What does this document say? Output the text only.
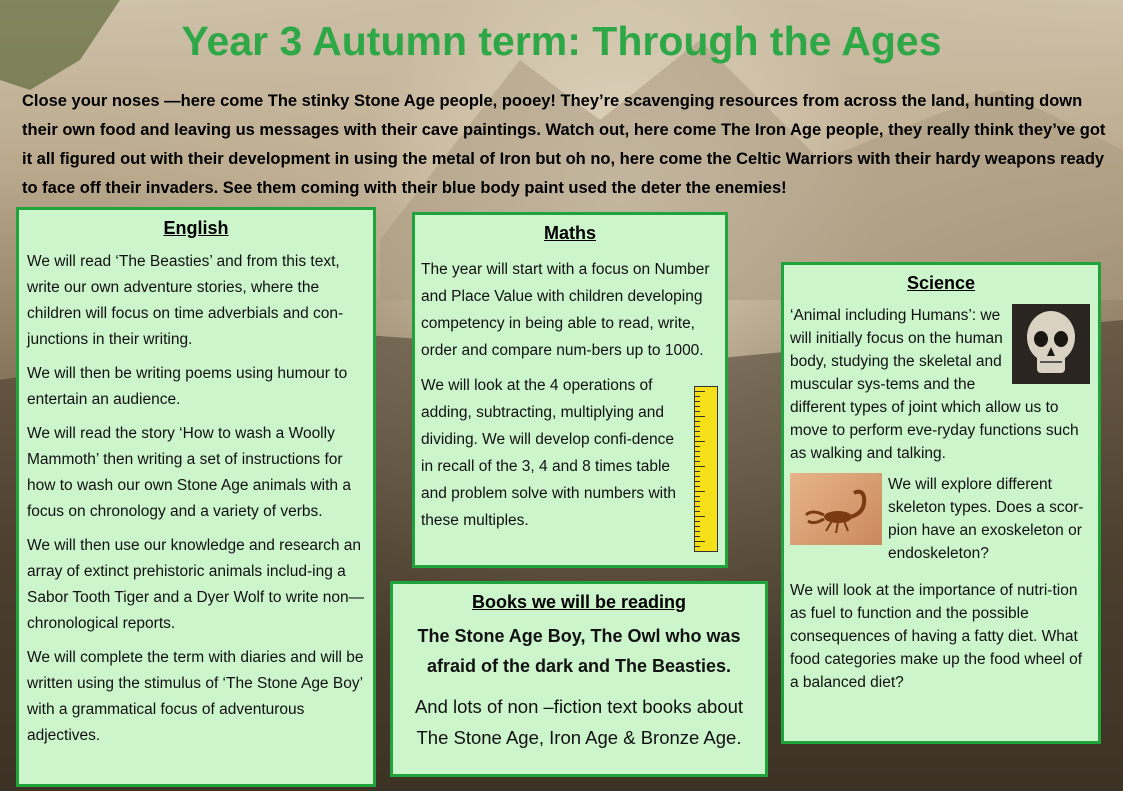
Year 3 Autumn term: Through the Ages
Close your noses —here come The stinky Stone Age people, pooey! They’re scavenging resources from across the land, hunting down their own food and leaving us messages with their cave paintings. Watch out, here come The Iron Age people, they really think they’ve got it all figured out with their development in using the metal of Iron but oh no, here come the Celtic Warriors with their hardy weapons ready to face off their invaders. See them coming with their blue body paint used the deter the enemies!
English

We will read ‘The Beasties’ and from this text, write our own adventure stories, where the children will focus on time adverbials and con-junctions in their writing.

We will then be writing poems using humour to entertain an audience.

We will read the story ‘How to wash a Woolly Mammoth’ then writing a set of instructions for how to wash our own Stone Age animals with a focus on chronology and a variety of verbs.

We will then use our knowledge and research an array of extinct prehistoric animals includ-ing a Sabor Tooth Tiger and a Dyer Wolf to write non—chronological reports.

We will complete the term with diaries and will be written using the stimulus of ‘The Stone Age Boy’ with a grammatical focus of adventurous adjectives.

Maths

The year will start with a focus on Number and Place Value with children developing competency in being able to read, write, order and compare num-bers up to 1000.

We will look at the 4 operations of adding, subtracting, multiplying and dividing. We will develop confi-dence in recall of the 3, 4 and 8 times table and problem solve with numbers with these multiples.

Books we will be reading

The Stone Age Boy, The Owl who was afraid of the dark and The Beasties.

And lots of non –fiction text books about The Stone Age, Iron Age & Bronze Age.

Science

‘Animal including Humans’: we will initially focus on the human body, studying the skeletal and muscular sys-tems and the different types of joint which allow us to move to perform eve-ryday functions such as walking and talking.

We will explore different skeleton types. Does a scor-pion have an exoskeleton or endoskeleton?

We will look at the importance of nutri-tion as fuel to function and the possible consequences of having a fatty diet. What food categories make up the food wheel of a balanced diet?
